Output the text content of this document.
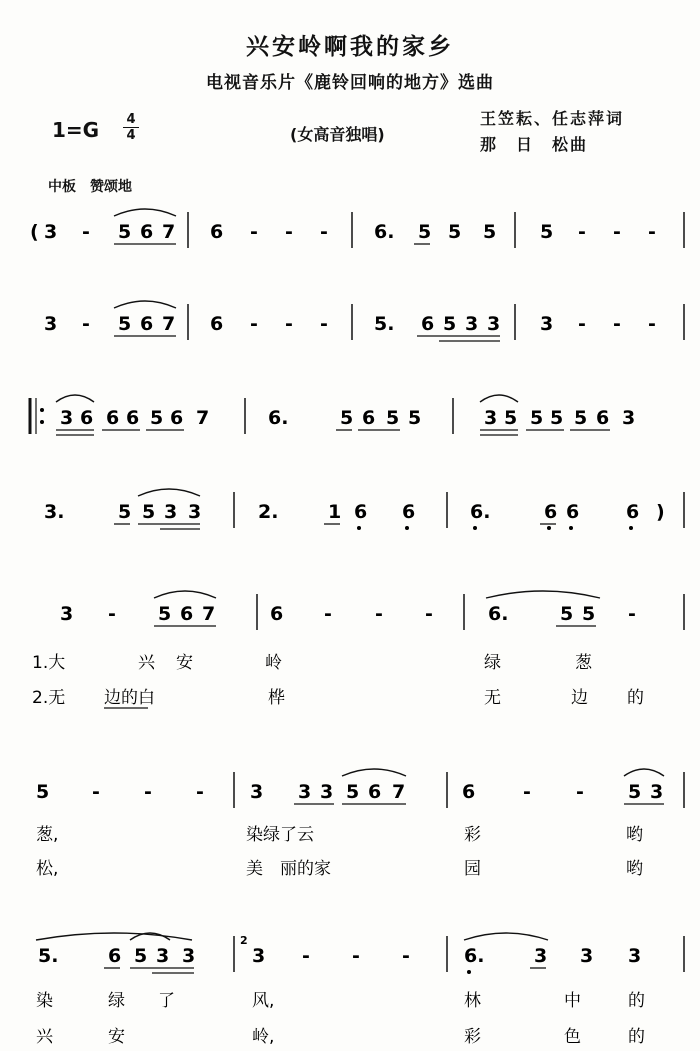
兴安岭啊我的家乡
电视音乐片《鹿铃回响的地方》选曲
1=G	4
4	(女高音独唱)
王笠耘、任志萍词
那　日　松曲
中板　赞颂地
( 3 - 5 6 7 6 - - - 6. 5 5 5 5 - - -
3 - 5 6 7 6 - - - 5. 6 5 3 3 3 - - -
3 6 6 6 5 6 7	6.	5 6 5 5	3 5 5 5 5 6 3
3.	5 5 3 3	2.	1 6 6	6.	6 6 6 )
3 - 5 6 7	6 - - -	6.	5 5 -
1.大	兴 安	岭	绿	葱
2.无 边的白	桦	无	边 的
5 - - - 3 3 3 5 6 7	6	- - 5 3
葱,	染绿了云	彩	哟
松,	美　丽的家	园	哟
5.	6 5 3 3	3 - - -	6.	3 3 3
染	绿 了	风,	林	中	的
兴	安	岭,	彩	色	的
2
